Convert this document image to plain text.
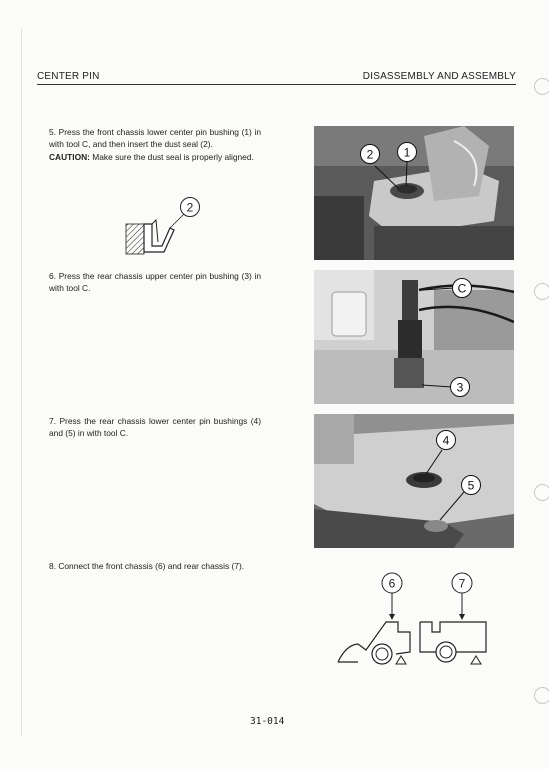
CENTER PIN	DISASSEMBLY AND ASSEMBLY

5. Press the front chassis lower center pin bushing (1) in with tool C, and then insert the dust seal (2).

CAUTION: Make sure the dust seal is properly aligned.

2

6. Press the rear chassis upper center pin bushing (3) in with tool C.

7. Press the rear chassis lower center pin bushings (4) and (5) in with tool C.

8. Connect the front chassis (6) and rear chassis (7).

2	1
C
3
4
5
6	7
31-014
